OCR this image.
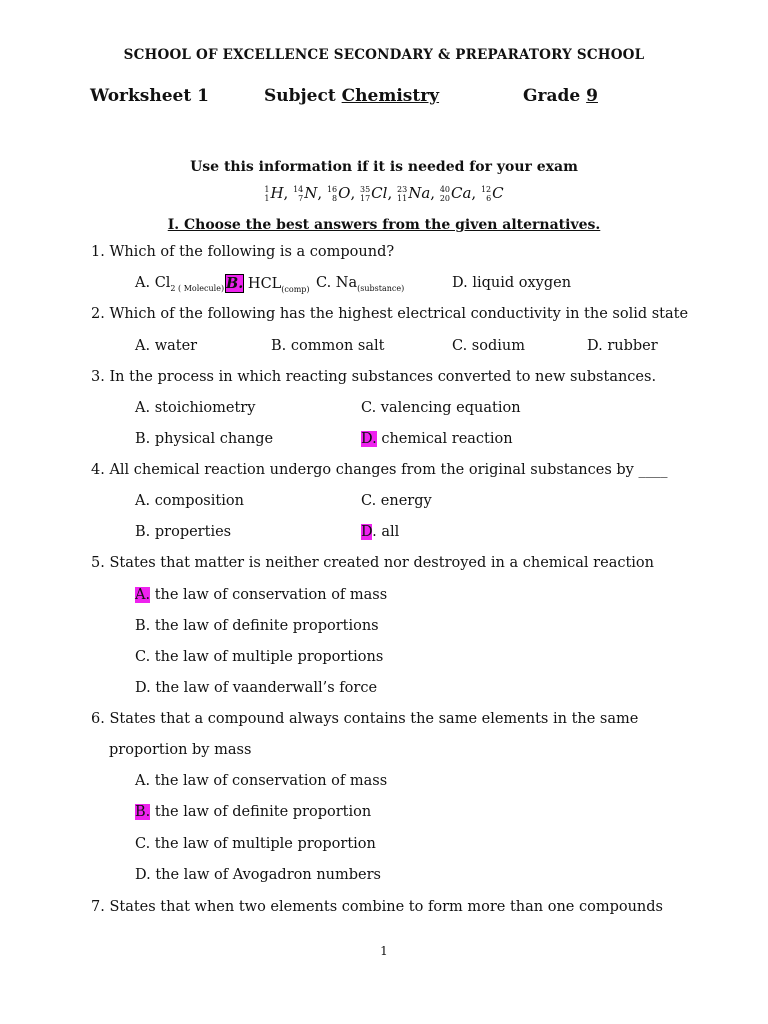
SCHOOL OF EXCELLENCE SECONDARY & PREPARATORY SCHOOL
Worksheet 1	Subject Chemistry	Grade 9
Use this information if it is needed for your exam
1
1 H, 14
7 N, 16
8 O, 35
17 Cl, 23
11 Na, 40
20 Ca, 12
6 C
I. Choose the best answers from the given alternatives.
1. Which of the following is a compound?
A. $Cl_{2 ( Molecule)}$ B. $HCL_{(comp)}$ C. $Na_{(substance)}$	D. liquid oxygen
2. Which of the following has the highest electrical conductivity in the solid state
A. water	B. common salt	C. sodium	D. rubber
3. In the process in which reacting substances converted to new substances.
A. stoichiometry	C. valencing equation
B. physical change	D. chemical reaction
4. All chemical reaction undergo changes from the original substances by ____
A. composition	C. energy
B. properties	D. all
5. States that matter is neither created nor destroyed in a chemical reaction
A. the law of conservation of mass
B. the law of definite proportions
C. the law of multiple proportions
D. the law of vaanderwall’s force
6. States that a compound always contains the same elements in the same
proportion by mass
A. the law of conservation of mass
B. the law of definite proportion
C. the law of multiple proportion
D. the law of Avogadron numbers
7. States that when two elements combine to form more than one compounds
1
